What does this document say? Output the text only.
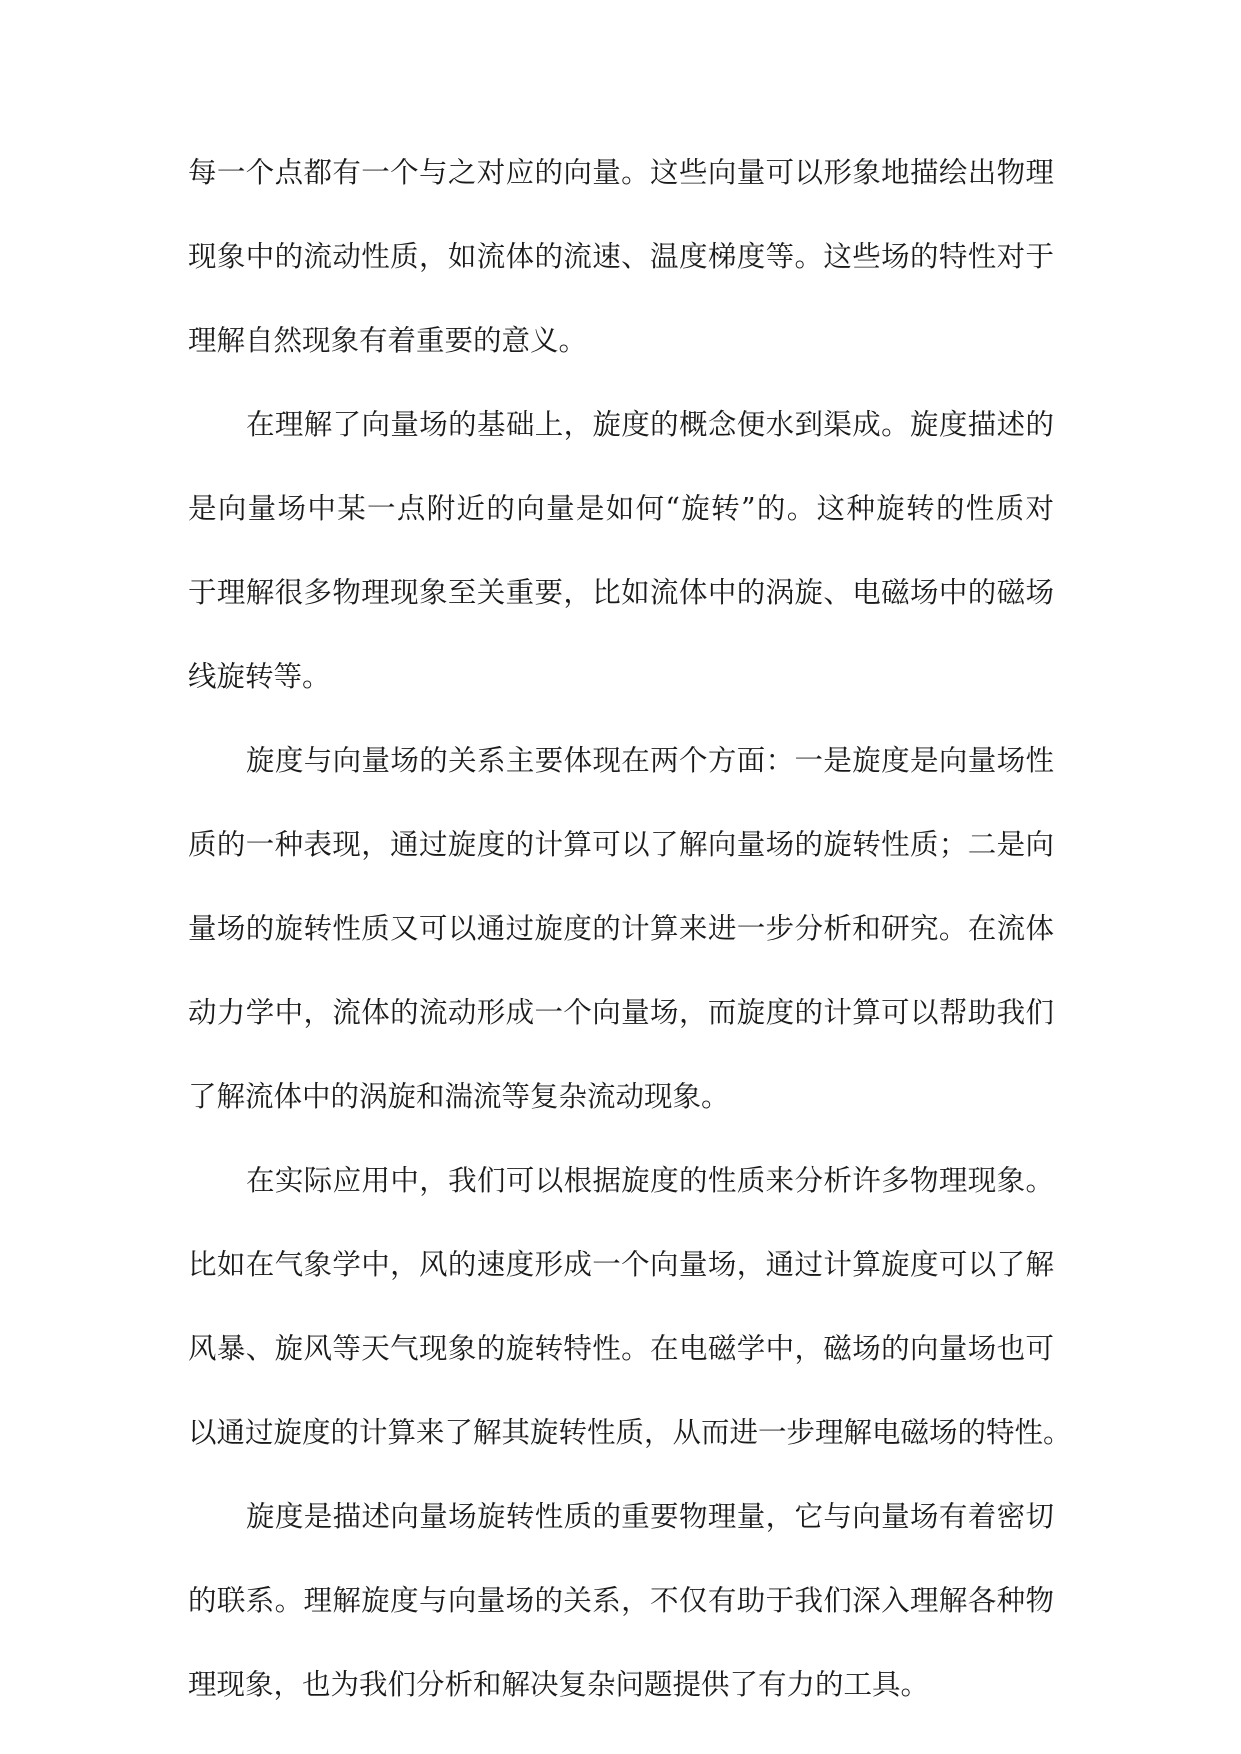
每一个点都有一个与之对应的向量。这些向量可以形象地描绘出物理
现象中的流动性质，如流体的流速、温度梯度等。这些场的特性对于
理解自然现象有着重要的意义。
在理解了向量场的基础上，旋度的概念便水到渠成。旋度描述的
是向量场中某一点附近的向量是如何“旋转”的。这种旋转的性质对
于理解很多物理现象至关重要，比如流体中的涡旋、电磁场中的磁场
线旋转等。
旋度与向量场的关系主要体现在两个方面：一是旋度是向量场性
质的一种表现，通过旋度的计算可以了解向量场的旋转性质；二是向
量场的旋转性质又可以通过旋度的计算来进一步分析和研究。在流体
动力学中，流体的流动形成一个向量场，而旋度的计算可以帮助我们
了解流体中的涡旋和湍流等复杂流动现象。
在实际应用中，我们可以根据旋度的性质来分析许多物理现象。
比如在气象学中，风的速度形成一个向量场，通过计算旋度可以了解
风暴、旋风等天气现象的旋转特性。在电磁学中，磁场的向量场也可
以通过旋度的计算来了解其旋转性质，从而进一步理解电磁场的特性。
旋度是描述向量场旋转性质的重要物理量，它与向量场有着密切
的联系。理解旋度与向量场的关系，不仅有助于我们深入理解各种物
理现象，也为我们分析和解决复杂问题提供了有力的工具。
